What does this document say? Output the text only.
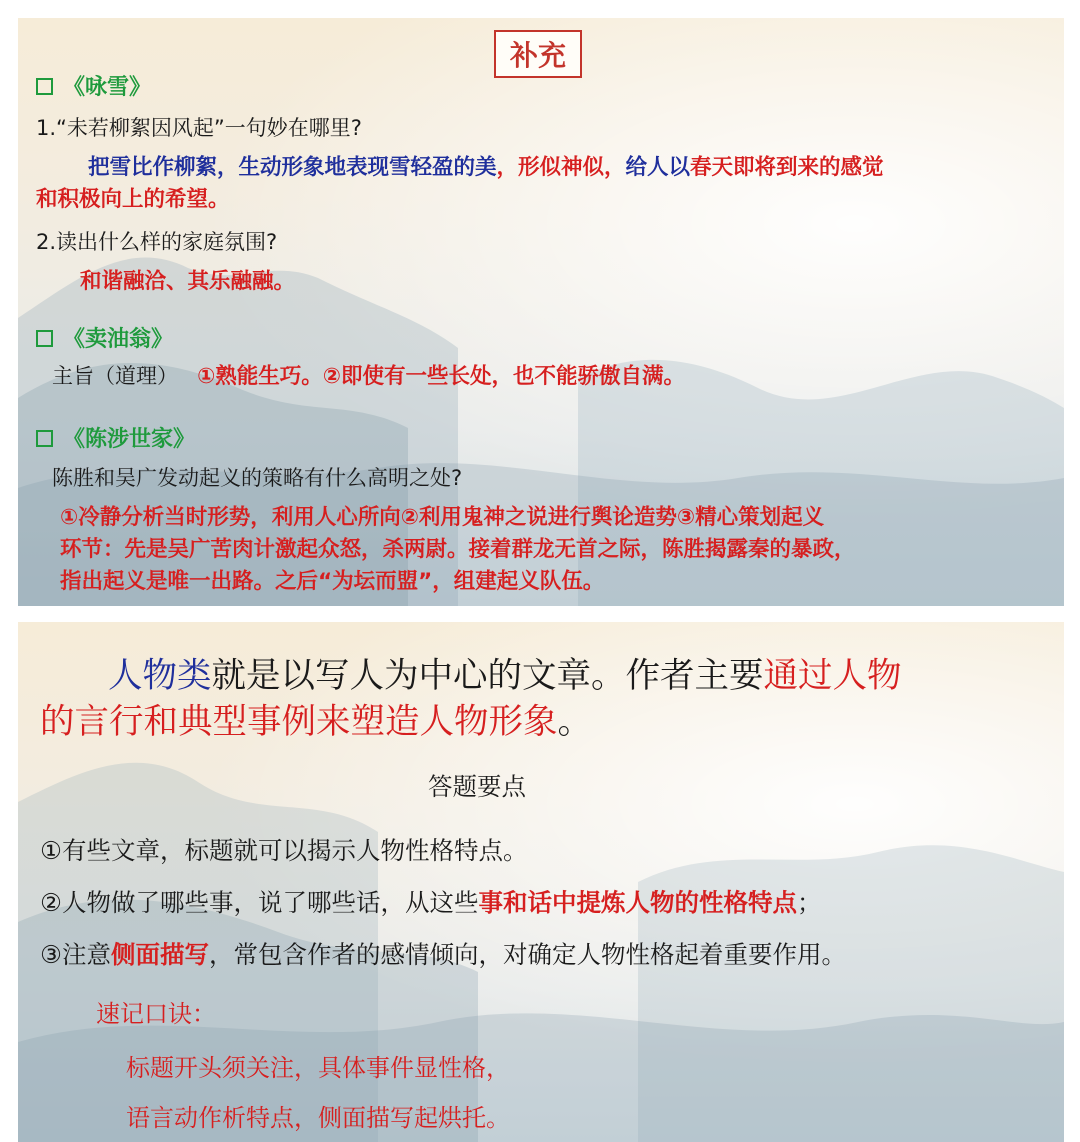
补充
《咏雪》
1.“未若柳絮因风起”一句妙在哪里?
把雪比作柳絮，生动形象地表现雪轻盈的美，形似神似，给人以春天即将到来的感觉
和积极向上的希望。
2.读出什么样的家庭氛围?
和谐融洽、其乐融融。
《卖油翁》
主旨（道理） ①熟能生巧。②即使有一些长处，也不能骄傲自满。
《陈涉世家》
陈胜和吴广发动起义的策略有什么高明之处?
①冷静分析当时形势，利用人心所向②利用鬼神之说进行舆论造势③精心策划起义
环节：先是吴广苦肉计激起众怒，杀两尉。接着群龙无首之际，陈胜揭露秦的暴政，
指出起义是唯一出路。之后“为坛而盟”，组建起义队伍。
人物类就是以写人为中心的文章。作者主要通过人物
的言行和典型事例来塑造人物形象。
答题要点
①有些文章，标题就可以揭示人物性格特点。
②人物做了哪些事，说了哪些话，从这些事和话中提炼人物的性格特点；
③注意侧面描写，常包含作者的感情倾向，对确定人物性格起着重要作用。
速记口诀：
标题开头须关注，具体事件显性格，
语言动作析特点，侧面描写起烘托。
